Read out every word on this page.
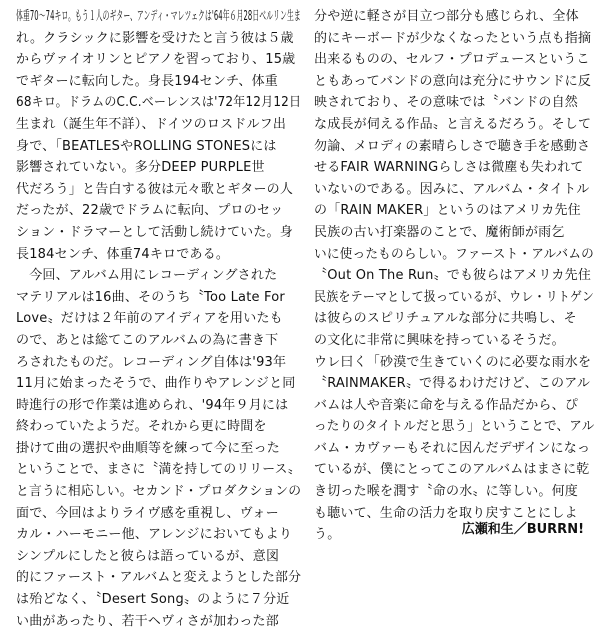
体重70〜74キロ。もう１人のギター、アンディ・マレツェクは'64年６月28日ベルリン生ま
れ。クラシックに影響を受けたと言う彼は５歳
からヴァイオリンとピアノを習っており、15歳
でギターに転向した。身長194センチ、体重
68キロ。ドラムのC.C.ベーレンスは'72年12月12日
生まれ（誕生年不詳）、ドイツのロスドルフ出
身で、「BEATLESやROLLING STONESには
影響されていない。多分DEEP PURPLE世
代だろう」と告白する彼は元々歌とギターの人
だったが、22歳でドラムに転向、プロのセッ
ション・ドラマーとして活動し続けていた。身
長184センチ、体重74キロである。
　今回、アルバム用にレコーディングされた
マテリアルは16曲、そのうち〝Too Late For
Love〟だけは２年前のアイディアを用いたも
ので、あとは総てこのアルバムの為に書き下
ろされたものだ。レコーディング自体は'93年
11月に始まったそうで、曲作りやアレンジと同
時進行の形で作業は進められ、'94年９月には
終わっていたようだ。それから更に時間を
掛けて曲の選択や曲順等を練って今に至った
ということで、まさに〝満を持してのリリース〟
と言うに相応しい。セカンド・プロダクションの
面で、今回はよりライヴ感を重視し、ヴォー
カル・ハーモニー他、アレンジにおいてもより
シンプルにしたと彼らは語っているが、意図
的にファースト・アルバムと変えようとした部分
は殆どなく、〝Desert Song〟のように７分近
い曲があったり、若干ヘヴィさが加わった部
分や逆に軽さが目立つ部分も感じられ、全体
的にキーボードが少なくなったという点も指摘
出来るものの、セルフ・プロデュースというこ
ともあってバンドの意向は充分にサウンドに反
映されており、その意味では〝バンドの自然
な成長が伺える作品〟と言えるだろう。そして
勿論、メロディの素晴らしさで聴き手を感動さ
せるFAIR WARNINGらしさは微塵も失われて
いないのである。因みに、アルバム・タイトル
の「RAIN MAKER」というのはアメリカ先住
民族の古い打楽器のことで、魔術師が雨乞
いに使ったものらしい。ファースト・アルバムの
〝Out On The Run〟でも彼らはアメリカ先住
民族をテーマとして扱っているが、ウレ・リトゲン
は彼らのスピリチュアルな部分に共鳴し、そ
の文化に非常に興味を持っているそうだ。
ウレ曰く「砂漠で生きていくのに必要な雨水を
〝RAINMAKER〟で得るわけだけど、このアル
バムは人や音楽に命を与える作品だから、ぴ
ったりのタイトルだと思う」ということで、アル
バム・カヴァーもそれに因んだデザインになっ
ているが、僕にとってこのアルバムはまさに乾
き切った喉を潤す〝命の水〟に等しい。何度
も聴いて、生命の活力を取り戻すことにしよ
う。	広瀬和生／BURRN!
